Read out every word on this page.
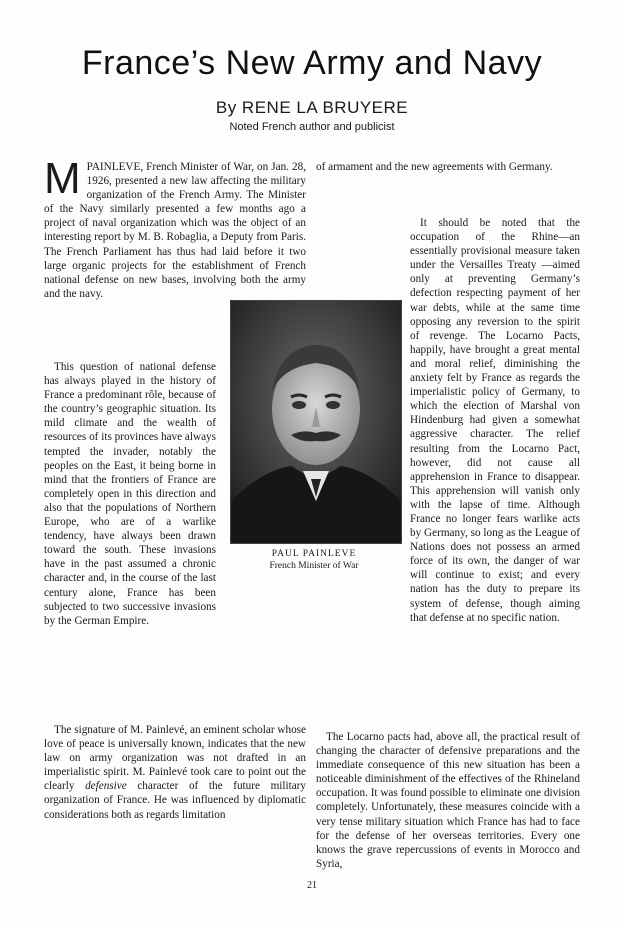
France’s New Army and Navy
By RENE LA BRUYERE
Noted French author and publicist

M PAINLEVE, French Minister of War, on Jan. 28, 1926, presented a new law affecting the military organization of the French Army. The Minister of the Navy similarly presented a few months ago a project of naval organization which was the object of an interesting report by M. B. Robaglia, a Deputy from Paris. The French Parliament has thus had laid before it two large organic projects for the establishment of French national defense on new bases, involving both the army and the navy.

This question of national defense has always played in the history of France a predominant rôle, because of the country’s geographic situation. Its mild climate and the wealth of resources of its provinces have always tempted the invader, notably the peoples on the East, it being borne in mind that the frontiers of France are completely open in this direction and also that the populations of Northern Europe, who are of a warlike tendency, have always been drawn toward the south. These invasions have in the past assumed a chronic character and, in the course of the last century alone, France has been subjected to two successive invasions by the German Empire.

PAUL PAINLEVE
French Minister of War

The signature of M. Painlevé, an eminent scholar whose love of peace is universally known, indicates that the new law on army organization was not drafted in an imperialistic spirit. M. Painlevé took care to point out the clearly defensive character of the future military organization of France. He was influenced by diplomatic considerations both as regards limitation

of armament and the new agreements with Germany.

It should be noted that the occupation of the Rhine—an essentially provisional measure taken under the Versailles Treaty —aimed only at preventing Germany’s defection respecting payment of her war debts, while at the same time opposing any reversion to the spirit of revenge. The Locarno Pacts, happily, have brought a great mental and moral relief, diminishing the anxiety felt by France as regards the imperialistic policy of Germany, to which the election of Marshal von Hindenburg had given a somewhat aggressive character. The relief resulting from the Locarno Pact, however, did not cause all apprehension in France to disappear. This apprehension will vanish only with the lapse of time. Although France no longer fears warlike acts by Germany, so long as the League of Nations does not possess an armed force of its own, the danger of war will continue to exist; and every nation has the duty to prepare its system of defense, though aiming that defense at no specific nation.

The Locarno pacts had, above all, the practical result of changing the character of defensive preparations and the immediate consequence of this new situation has been a noticeable diminishment of the effectives of the Rhineland occupation. It was found possible to eliminate one division completely. Unfortunately, these measures coincide with a very tense military situation which France has had to face for the defense of her overseas territories. Every one knows the grave repercussions of events in Morocco and Syria,

21
